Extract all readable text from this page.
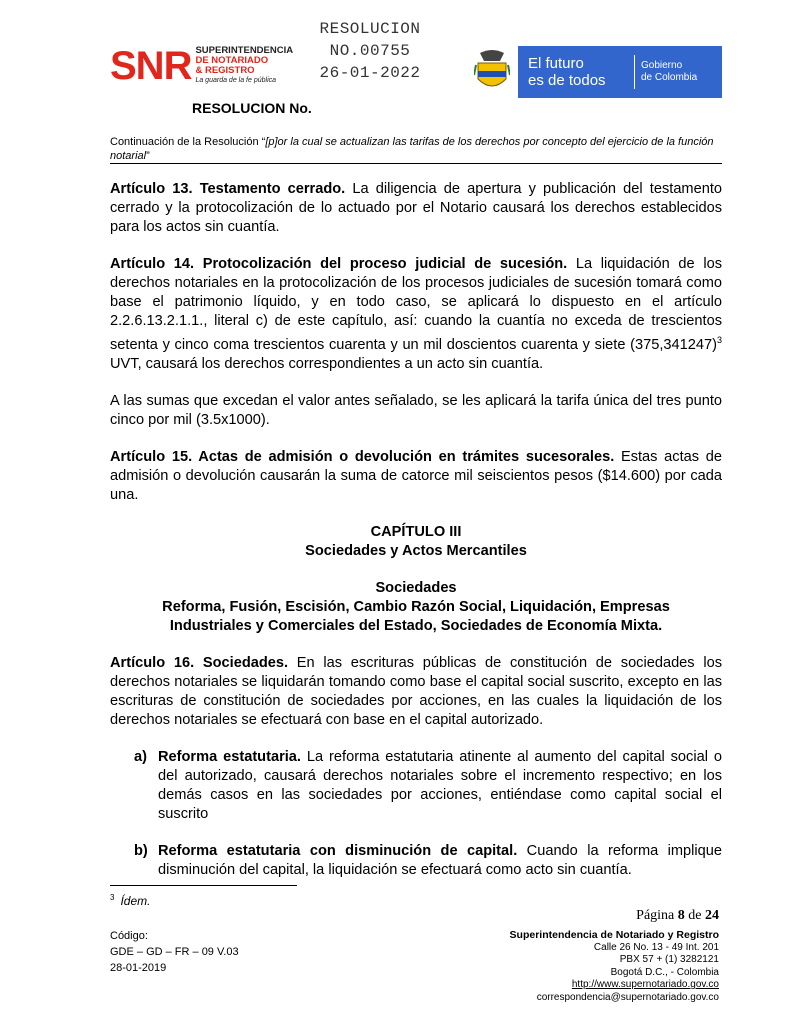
RESOLUCION
NO.00755
26-01-2022
SNR SUPERINTENDENCIA
DE NOTARIADO
& REGISTRO
La guarda de la fe pública
El futuro
es de todos
Gobierno
de Colombia
RESOLUCION No.
Continuación de la Resolución “[p]or la cual se actualizan las tarifas de los derechos por concepto del ejercicio de la función notarial”

Artículo 13. Testamento cerrado. La diligencia de apertura y publicación del testamento cerrado y la protocolización de lo actuado por el Notario causará los derechos establecidos para los actos sin cuantía.

Artículo 14. Protocolización del proceso judicial de sucesión. La liquidación de los derechos notariales en la protocolización de los procesos judiciales de sucesión tomará como base el patrimonio líquido, y en todo caso, se aplicará lo dispuesto en el artículo 2.2.6.13.2.1.1., literal c) de este capítulo, así: cuando la cuantía no exceda de trescientos setenta y cinco coma trescientos cuarenta y un mil doscientos cuarenta y siete $(375,341247)^3$ UVT, causará los derechos correspondientes a un acto sin cuantía.

A las sumas que excedan el valor antes señalado, se les aplicará la tarifa única del tres punto cinco por mil (3.5x1000).

Artículo 15. Actas de admisión o devolución en trámites sucesorales. Estas actas de admisión o devolución causarán la suma de catorce mil seiscientos pesos ($14.600) por cada una.

CAPÍTULO III

Sociedades y Actos Mercantiles

Sociedades

Reforma, Fusión, Escisión, Cambio Razón Social, Liquidación, Empresas Industriales y Comerciales del Estado, Sociedades de Economía Mixta.

Artículo 16. Sociedades. En las escrituras públicas de constitución de sociedades los derechos notariales se liquidarán tomando como base el capital social suscrito, excepto en las escrituras de constitución de sociedades por acciones, en las cuales la liquidación de los derechos notariales se efectuará con base en el capital autorizado.

a) Reforma estatutaria. La reforma estatutaria atinente al aumento del capital social o del autorizado, causará derechos notariales sobre el incremento respectivo; en los demás casos en las sociedades por acciones, entiéndase como capital social el suscrito
b) Reforma estatutaria con disminución de capital. Cuando la reforma implique disminución del capital, la liquidación se efectuará como acto sin cuantía.
$^3$ Ídem.
Página 8 de 24
Código:
GDE – GD – FR – 09 V.03
28-01-2019
Superintendencia de Notariado y Registro
Calle 26 No. 13 - 49 Int. 201
PBX 57 + (1) 3282121
Bogotá D.C., - Colombia
http://www.supernotariado.gov.co
correspondencia@supernotariado.gov.co
